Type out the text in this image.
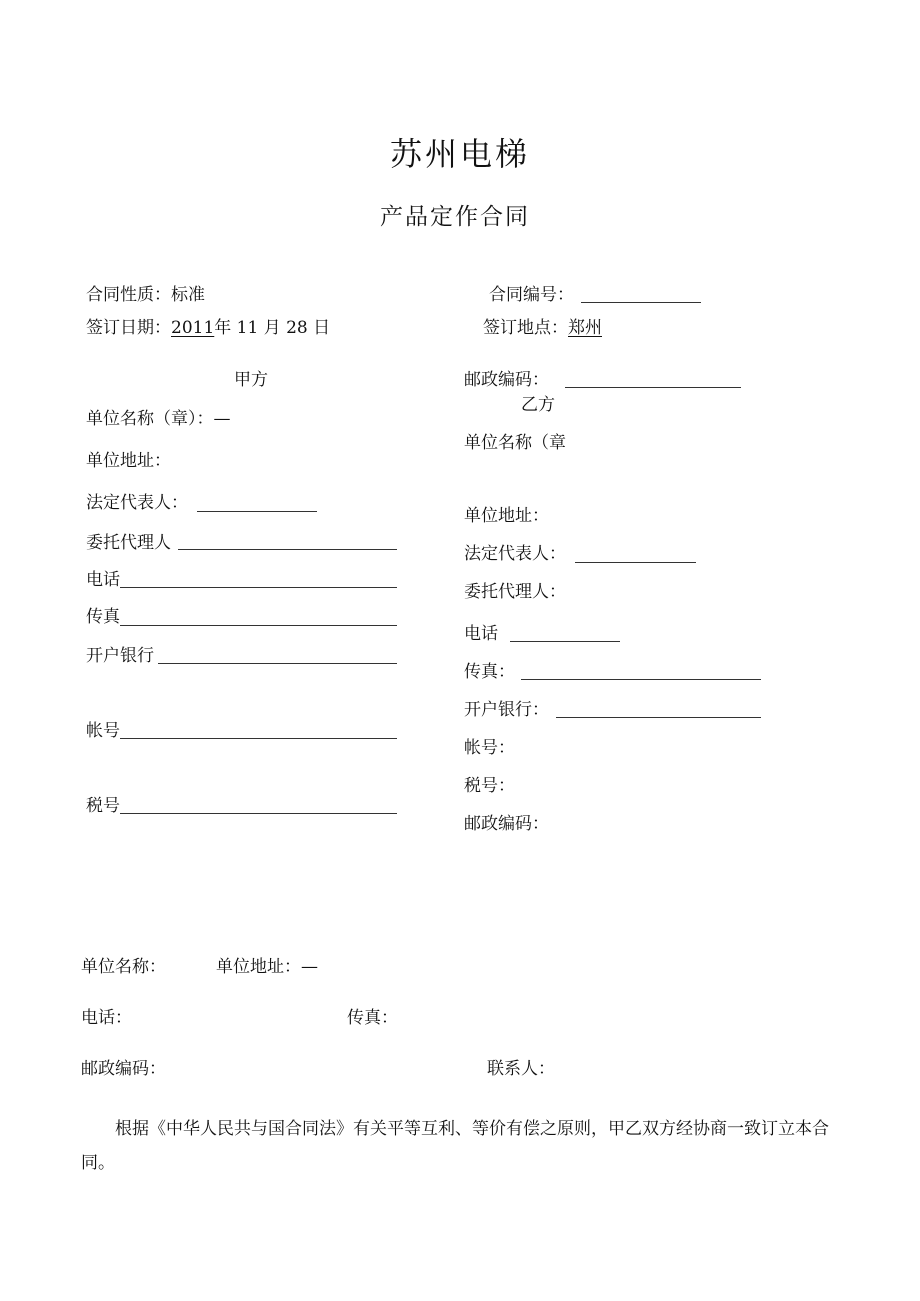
苏州电梯
产品定作合同
合同性质：标准	合同编号：
签订日期：2011年 11 月 28 日	签订地点：郑州
甲方
单位名称（章）：—
单位地址：
法定代表人：
委托代理人
电话
传真
开户银行
帐号
税号
邮政编码：
乙方
单位名称（章
单位地址：
法定代表人：
委托代理人：
电话
传真：
开户银行：
帐号：
税号：
邮政编码：
单位名称：	单位地址：—
电话：	传真：
邮政编码：	联系人：
根据《中华人民共与国合同法》有关平等互利、等价有偿之原则，甲乙双方经协商一致订立本合同。
